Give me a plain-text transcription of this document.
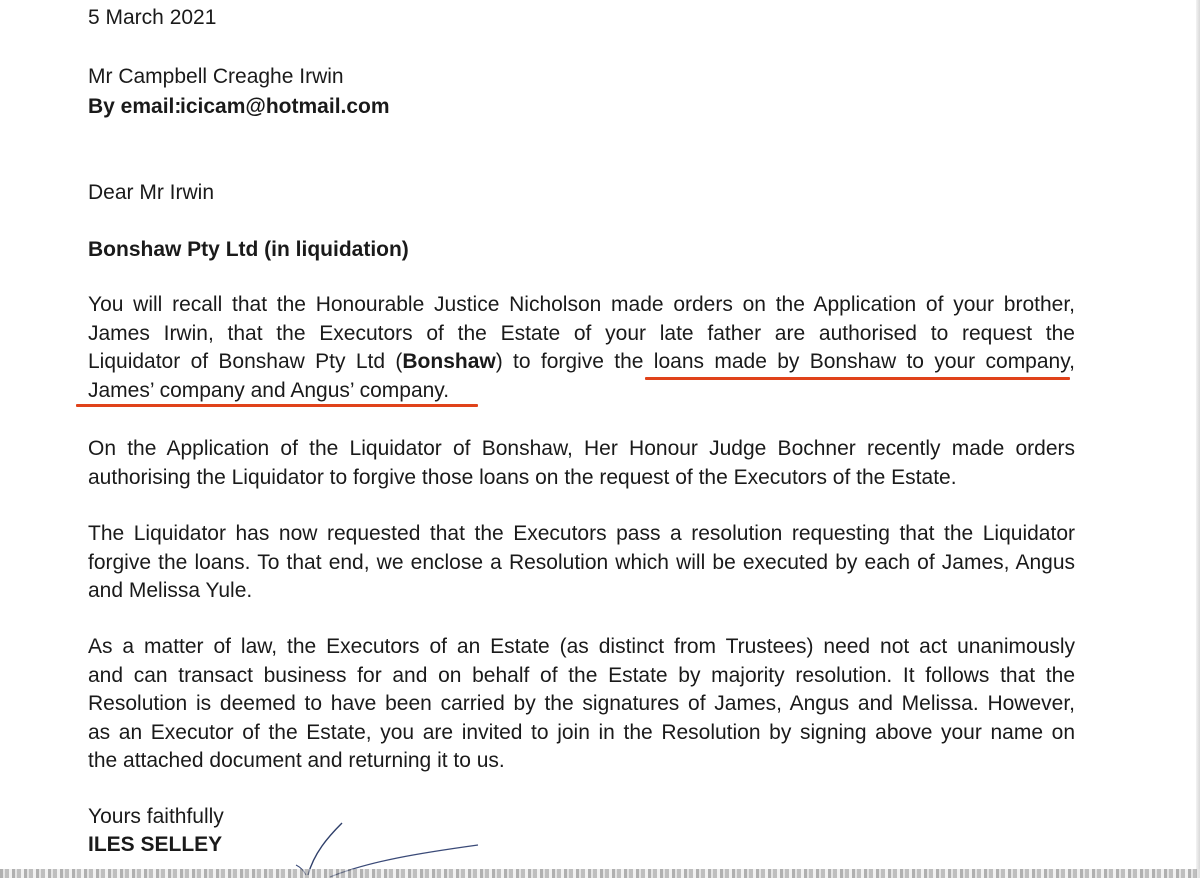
5 March 2021
Mr Campbell Creaghe Irwin
By email:icicam@hotmail.com
Dear Mr Irwin
Bonshaw Pty Ltd (in liquidation)
You will recall that the Honourable Justice Nicholson made orders on the Application of your brother,
James Irwin, that the Executors of the Estate of your late father are authorised to request the
Liquidator of Bonshaw Pty Ltd (Bonshaw) to forgive the loans made by Bonshaw to your company,
James’ company and Angus’ company.
On the Application of the Liquidator of Bonshaw, Her Honour Judge Bochner recently made orders
authorising the Liquidator to forgive those loans on the request of the Executors of the Estate.
The Liquidator has now requested that the Executors pass a resolution requesting that the Liquidator
forgive the loans. To that end, we enclose a Resolution which will be executed by each of James, Angus
and Melissa Yule.
As a matter of law, the Executors of an Estate (as distinct from Trustees) need not act unanimously
and can transact business for and on behalf of the Estate by majority resolution. It follows that the
Resolution is deemed to have been carried by the signatures of James, Angus and Melissa. However,
as an Executor of the Estate, you are invited to join in the Resolution by signing above your name on
the attached document and returning it to us.
Yours faithfully
ILES SELLEY
